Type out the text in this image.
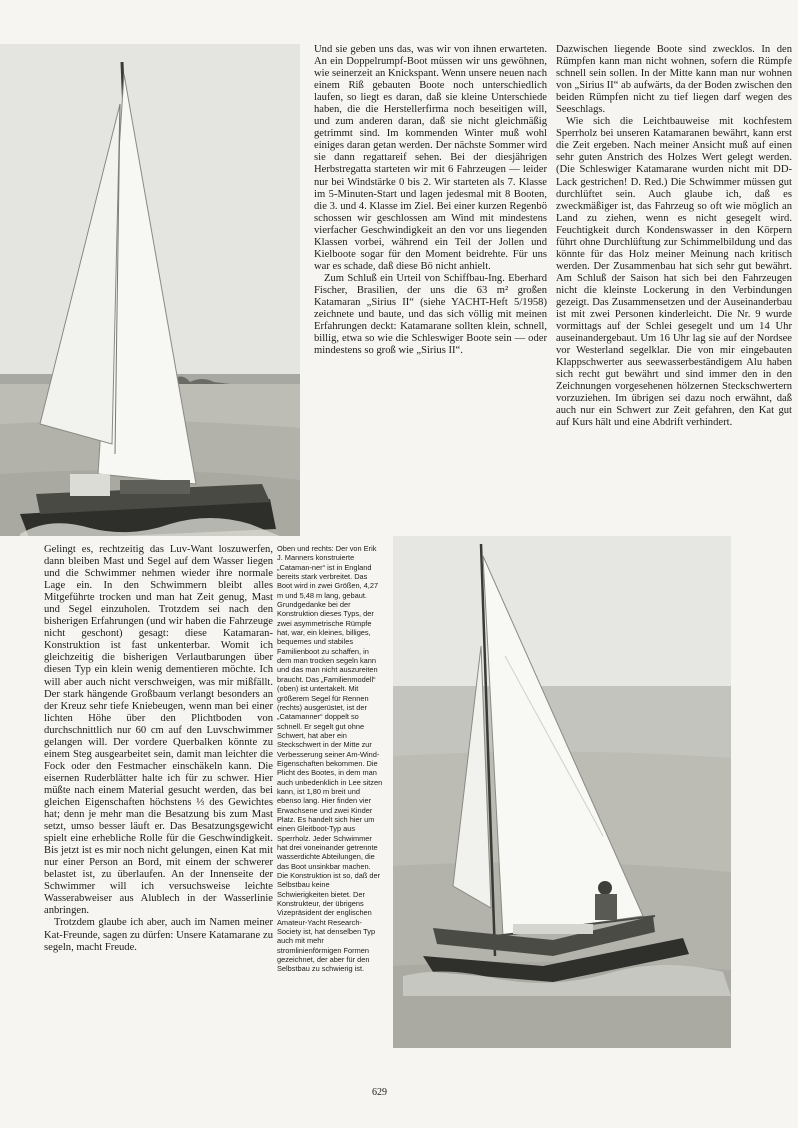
Und sie geben uns das, was wir von ihnen erwarteten. An ein Doppelrumpf-Boot müssen wir uns gewöhnen, wie seinerzeit an Knickspant. Wenn unsere neuen nach einem Riß gebauten Boote noch unterschiedlich laufen, so liegt es daran, daß sie kleine Unterschiede haben, die die Herstellerfirma noch beseitigen will, und zum anderen daran, daß sie nicht gleichmäßig getrimmt sind. Im kommenden Winter muß wohl einiges daran getan werden. Der nächste Sommer wird sie dann regattareif sehen. Bei der diesjährigen Herbstregatta starteten wir mit 6 Fahrzeugen — leider nur bei Windstärke 0 bis 2. Wir starteten als 7. Klasse im 5-Minuten-Start und lagen jedesmal mit 8 Booten, die 3. und 4. Klasse im Ziel. Bei einer kurzen Regenbö schossen wir geschlossen am Wind mit mindestens vierfacher Geschwindigkeit an den vor uns liegenden Klassen vorbei, während ein Teil der Jollen und Kielboote sogar für den Moment beidrehte. Für uns war es schade, daß diese Bö nicht anhielt.

Zum Schluß ein Urteil von Schiffbau-Ing. Eberhard Fischer, Brasilien, der uns die 63 m² großen Katamaran „Sirius II“ (siehe YACHT-Heft 5/1958) zeichnete und baute, und das sich völlig mit meinen Erfahrungen deckt: Katamarane sollten klein, schnell, billig, etwa so wie die Schleswiger Boote sein — oder mindestens so groß wie „Sirius II“.

Dazwischen liegende Boote sind zwecklos. In den Rümpfen kann man nicht wohnen, sofern die Rümpfe schnell sein sollen. In der Mitte kann man nur wohnen von „Sirius II“ ab aufwärts, da der Boden zwischen den beiden Rümpfen nicht zu tief liegen darf wegen des Seeschlags.

Wie sich die Leichtbauweise mit kochfestem Sperrholz bei unseren Katamaranen bewährt, kann erst die Zeit ergeben. Nach meiner Ansicht muß auf einen sehr guten Anstrich des Holzes Wert gelegt werden. (Die Schleswiger Katamarane wurden nicht mit DD-Lack gestrichen! D. Red.) Die Schwimmer müssen gut durchlüftet sein. Auch glaube ich, daß es zweckmäßiger ist, das Fahrzeug so oft wie möglich an Land zu ziehen, wenn es nicht gesegelt wird. Feuchtigkeit durch Kondenswasser in den Körpern führt ohne Durchlüftung zur Schimmelbildung und das könnte für das Holz meiner Meinung nach kritisch werden. Der Zusammenbau hat sich sehr gut bewährt. Am Schluß der Saison hat sich bei den Fahrzeugen nicht die kleinste Lockerung in den Verbindungen gezeigt. Das Zusammensetzen und der Auseinanderbau ist mit zwei Personen kinderleicht. Die Nr. 9 wurde vormittags auf der Schlei gesegelt und um 14 Uhr auseinandergebaut. Um 16 Uhr lag sie auf der Nordsee vor Westerland segelklar. Die von mir eingebauten Klappschwerter aus seewasserbeständigem Alu haben sich recht gut bewährt und sind immer den in den Zeichnungen vorgesehenen hölzernen Steckschwertern vorzuziehen. Im übrigen sei dazu noch erwähnt, daß auch nur ein Schwert zur Zeit gefahren, den Kat gut auf Kurs hält und eine Abdrift verhindert.

Gelingt es, rechtzeitig das Luv-Want loszuwerfen, dann bleiben Mast und Segel auf dem Wasser liegen und die Schwimmer nehmen wieder ihre normale Lage ein. In den Schwimmern bleibt alles Mitgeführte trocken und man hat Zeit genug, Mast und Segel einzuholen. Trotzdem sei nach den bisherigen Erfahrungen (und wir haben die Fahrzeuge nicht geschont) gesagt: diese Katamaran-Konstruktion ist fast unkenterbar. Womit ich gleichzeitig die bisherigen Verlautbarungen über diesen Typ ein klein wenig dementieren möchte. Ich will aber auch nicht verschweigen, was mir mißfällt. Der stark hängende Großbaum verlangt besonders an der Kreuz sehr tiefe Kniebeugen, wenn man bei einer lichten Höhe über den Plichtboden von durchschnittlich nur 60 cm auf den Luvschwimmer gelangen will. Der vordere Querbalken könnte zu einem Steg ausgearbeitet sein, damit man leichter die Fock oder den Festmacher einschäkeln kann. Die eisernen Ruderblätter halte ich für zu schwer. Hier müßte nach einem Material gesucht werden, das bei gleichen Eigenschaften höchstens ⅓ des Gewichtes hat; denn je mehr man die Besatzung bis zum Mast setzt, umso besser läuft er. Das Besatzungsgewicht spielt eine erhebliche Rolle für die Geschwindigkeit. Bis jetzt ist es mir noch nicht gelungen, einen Kat mit nur einer Person an Bord, mit einem der schwerer belastet ist, zu überlaufen. An der Innenseite der Schwimmer will ich versuchsweise leichte Wasserabweiser aus Alublech in der Wasserlinie anbringen.

Trotzdem glaube ich aber, auch im Namen meiner Kat-Freunde, sagen zu dürfen: Unsere Katamarane zu segeln, macht Freude.

Oben und rechts: Der von Erik J. Manners konstruierte „Cataman-ner“ ist in England bereits stark verbreitet. Das Boot wird in zwei Größen, 4,27 m und 5,48 m lang, gebaut. Grundgedanke bei der Konstruktion dieses Typs, der zwei asymmetrische Rümpfe hat, war, ein kleines, billiges, bequemes und stabiles Familienboot zu schaffen, in dem man trocken segeln kann und das man nicht auszureiten braucht. Das „Familienmodell“ (oben) ist untertakelt. Mit größerem Segel für Rennen (rechts) ausgerüstet, ist der „Catamanner“ doppelt so schnell. Er segelt gut ohne Schwert, hat aber ein Steckschwert in der Mitte zur Verbesserung seiner Am-Wind-Eigenschaften bekommen. Die Plicht des Bootes, in dem man auch unbedenklich in Lee sitzen kann, ist 1,80 m breit und ebenso lang. Hier finden vier Erwachsene und zwei Kinder Platz. Es handelt sich hier um einen Gleitboot-Typ aus Sperrholz. Jeder Schwimmer hat drei voneinander getrennte wasserdichte Abteilungen, die das Boot unsinkbar machen. Die Konstruktion ist so, daß der Selbstbau keine Schwierigkeiten bietet. Der Konstrukteur, der übrigens Vizepräsident der englischen Amateur-Yacht Research-Society ist, hat denselben Typ auch mit mehr stromlinienförmigen Formen gezeichnet, der aber für den Selbstbau zu schwierig ist.

629
